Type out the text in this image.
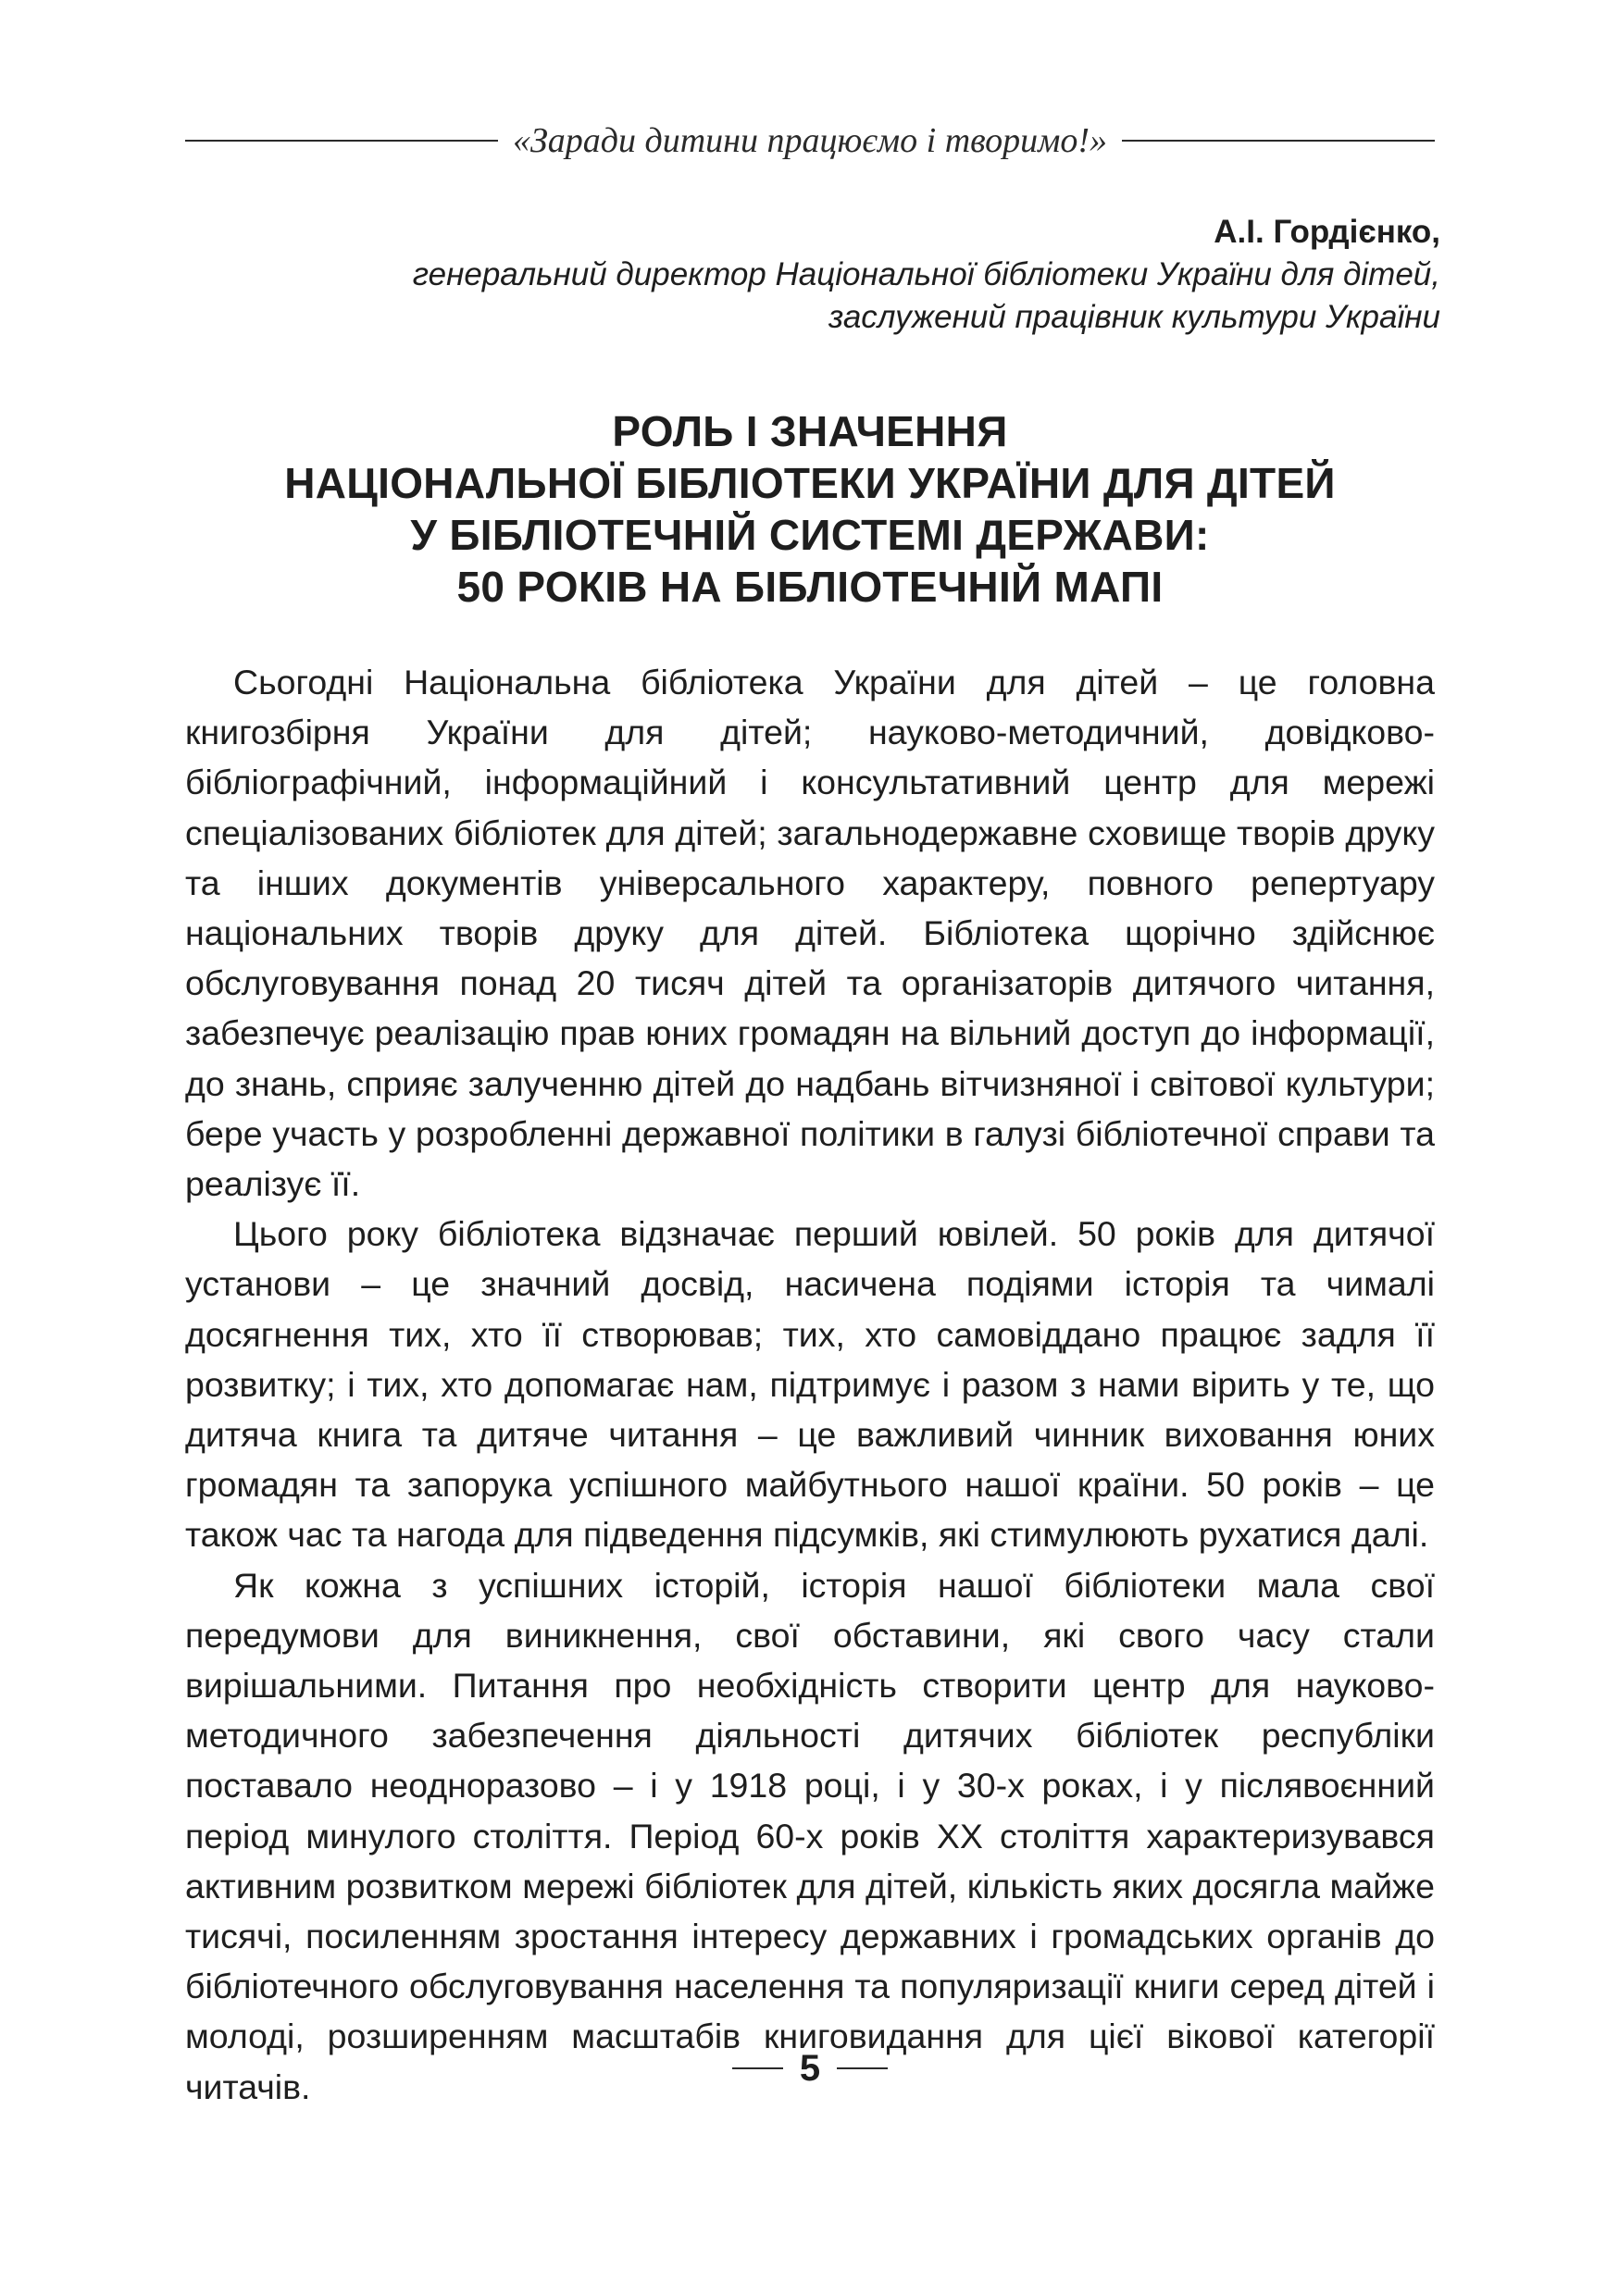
«Заради дитини працюємо і творимо!»
А.І. Гордієнко,
генеральний директор Національної бібліотеки України для дітей,
заслужений працівник культури України
РОЛЬ І ЗНАЧЕННЯ
НАЦІОНАЛЬНОЇ БІБЛІОТЕКИ УКРАЇНИ ДЛЯ ДІТЕЙ
У БІБЛІОТЕЧНІЙ СИСТЕМІ ДЕРЖАВИ:
50 РОКІВ НА БІБЛІОТЕЧНІЙ МАПІ

Сьогодні Національна бібліотека України для дітей – це головна книгозбірня України для дітей; науково-методичний, довідково-бібліографічний, інформаційний і консультативний центр для мережі спеціалізованих бібліотек для дітей; загальнодержавне сховище творів друку та інших документів універсального характеру, повного репертуару національних творів друку для дітей. Бібліотека щорічно здійснює обслуговування понад 20 тисяч дітей та організаторів дитячого читання, забезпечує реалізацію прав юних громадян на вільний доступ до інформації, до знань, сприяє залученню дітей до надбань вітчизняної і світової культури; бере участь у розробленні державної політики в галузі бібліотечної справи та реалізує її.

Цього року бібліотека відзначає перший ювілей. 50 років для дитячої установи – це значний досвід, насичена подіями історія та чималі досягнення тих, хто її створював; тих, хто самовіддано працює задля її розвитку; і тих, хто допомагає нам, підтримує і разом з нами вірить у те, що дитяча книга та дитяче читання – це важливий чинник виховання юних громадян та запорука успішного майбутнього нашої країни. 50 років – це також час та нагода для підведення підсумків, які стимулюють рухатися далі.

Як кожна з успішних історій, історія нашої бібліотеки мала свої передумови для виникнення, свої обставини, які свого часу стали вирішальними. Питання про необхідність створити центр для науково-методичного забезпечення діяльності дитячих бібліотек республіки поставало неодноразово – і у 1918 році, і у 30-х роках, і у післявоєнний період минулого століття. Період 60-х років XX століття характеризувався активним розвитком мережі бібліотек для дітей, кількість яких досягла майже тисячі, посиленням зростання інтересу державних і громадських органів до бібліотечного обслуговування населення та популяризації книги серед дітей і молоді, розширенням масштабів книговидання для цієї вікової категорії читачів.	5
